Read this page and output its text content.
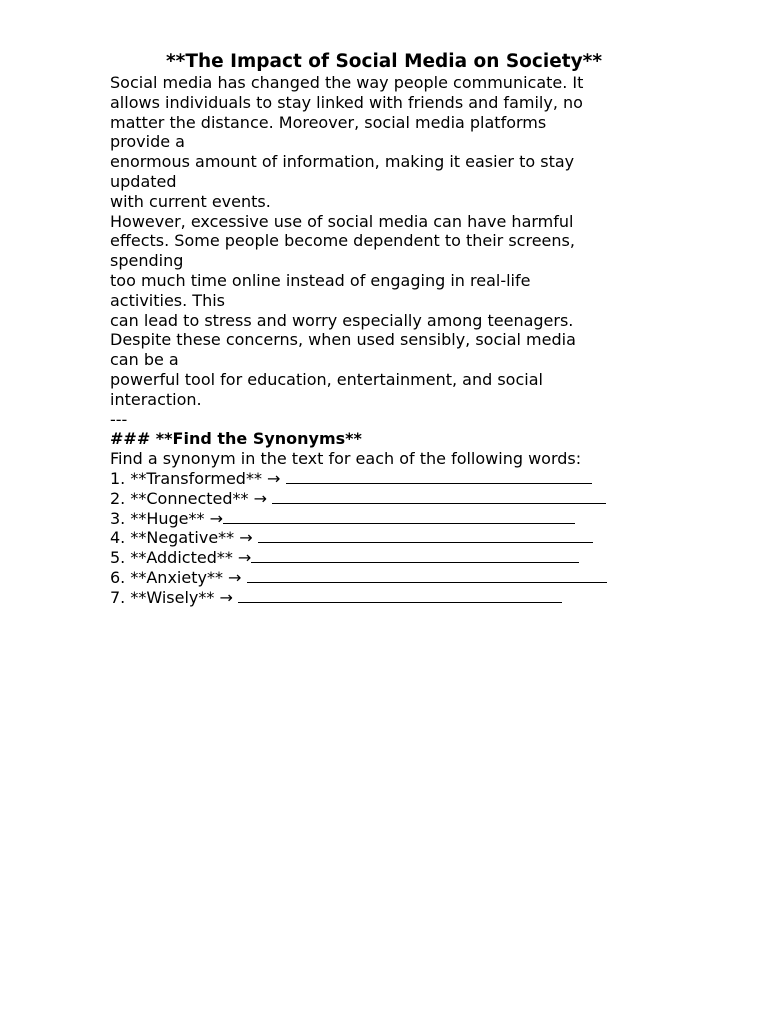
**The Impact of Social Media on Society**
Social media has changed the way people communicate. It
allows individuals to stay linked with friends and family, no
matter the distance. Moreover, social media platforms
provide a
enormous amount of information, making it easier to stay
updated
with current events.
However, excessive use of social media can have harmful
effects. Some people become dependent to their screens,
spending
too much time online instead of engaging in real-life
activities. This
can lead to stress and worry especially among teenagers.
Despite these concerns, when used sensibly, social media
can be a
powerful tool for education, entertainment, and social
interaction.
---
### **Find the Synonyms**
Find a synonym in the text for each of the following words:
1. **Transformed** →
2. **Connected** →
3. **Huge** →
4. **Negative** →
5. **Addicted** →
6. **Anxiety** →
7. **Wisely** →
